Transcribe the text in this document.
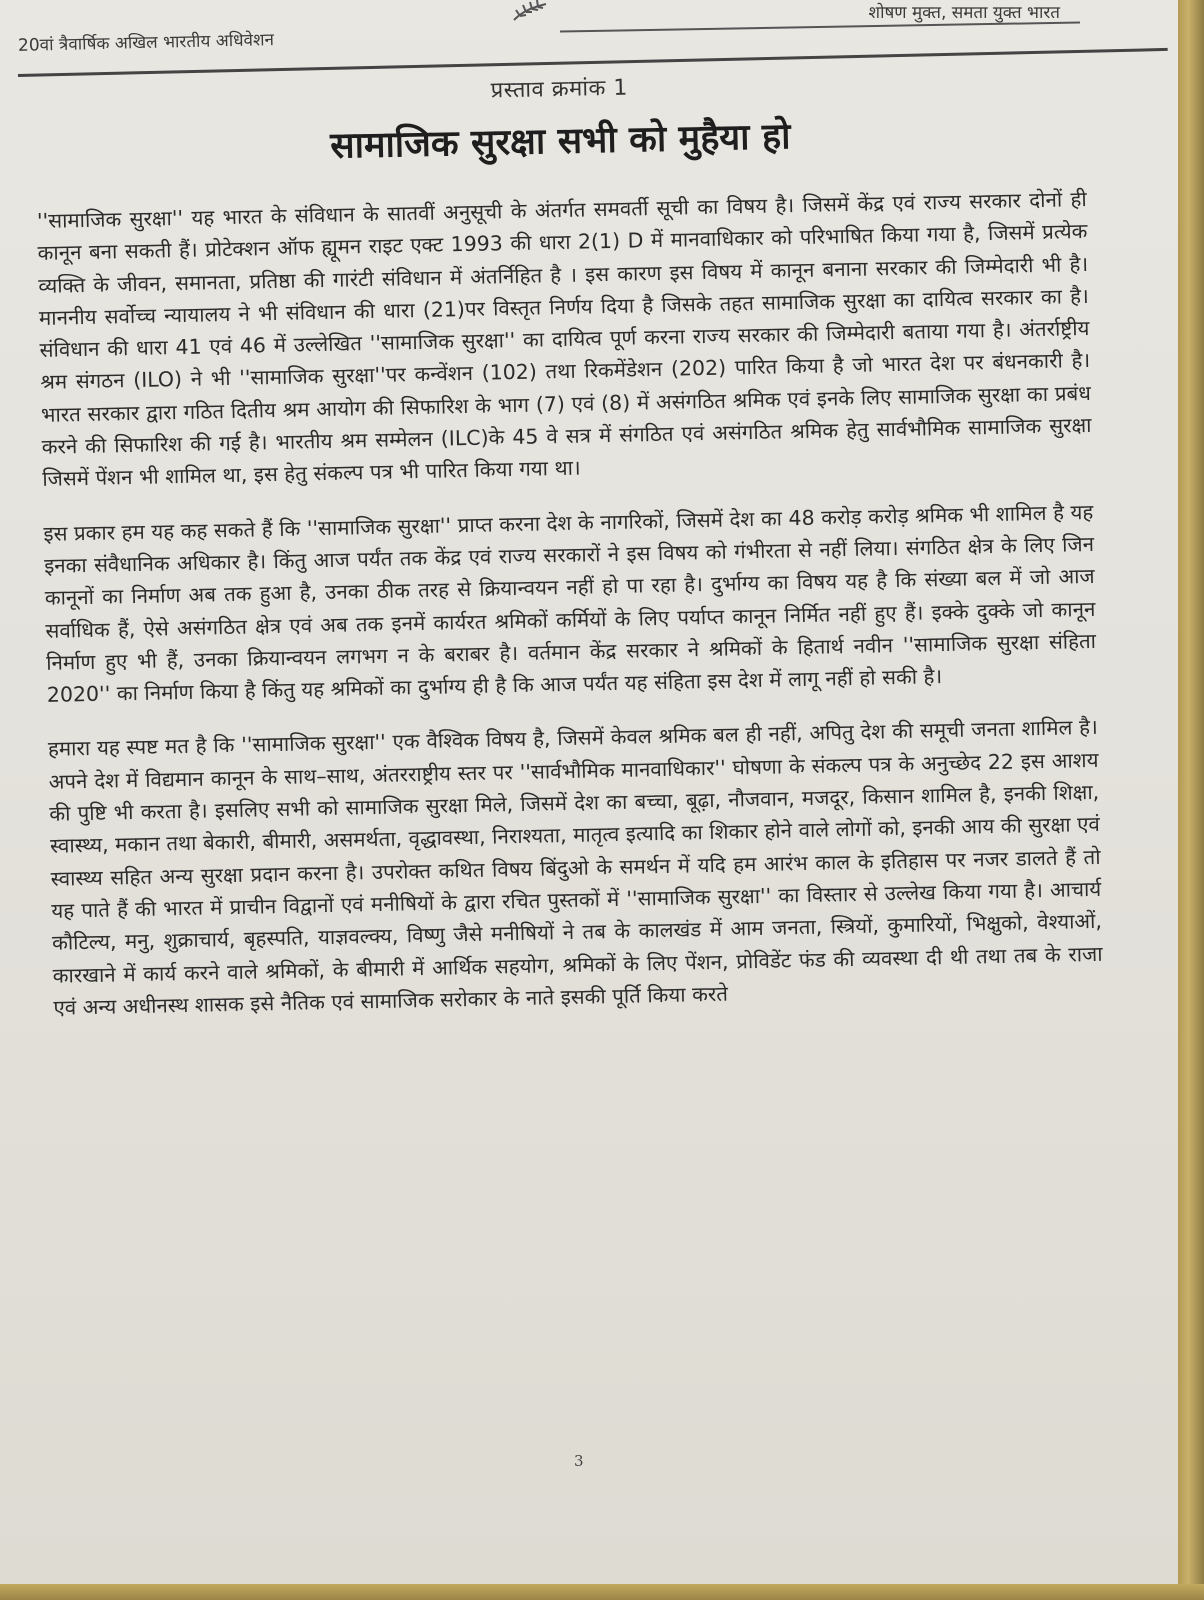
20वां त्रैवार्षिक अखिल भारतीय अधिवेशन
शोषण मुक्त, समता युक्त भारत
प्रस्ताव क्रमांक 1
सामाजिक सुरक्षा सभी को मुहैया हो

''सामाजिक सुरक्षा'' यह भारत के संविधान के सातवीं अनुसूची के अंतर्गत समवर्ती सूची का विषय है। जिसमें केंद्र एवं राज्य सरकार दोनों ही कानून बना सकती हैं। प्रोटेक्शन ऑफ ह्यूमन राइट एक्ट 1993 की धारा 2(1) D में मानवाधिकार को परिभाषित किया गया है, जिसमें प्रत्येक व्यक्ति के जीवन, समानता, प्रतिष्ठा की गारंटी संविधान में अंतर्निहित है । इस कारण इस विषय में कानून बनाना सरकार की जिम्मेदारी भी है। माननीय सर्वोच्च न्यायालय ने भी संविधान की धारा (21)पर विस्तृत निर्णय दिया है जिसके तहत सामाजिक सुरक्षा का दायित्व सरकार का है। संविधान की धारा 41 एवं 46 में उल्लेखित ''सामाजिक सुरक्षा'' का दायित्व पूर्ण करना राज्य सरकार की जिम्मेदारी बताया गया है। अंतर्राष्ट्रीय श्रम संगठन (ILO) ने भी ''सामाजिक सुरक्षा''पर कन्वेंशन (102) तथा रिकमेंडेशन (202) पारित किया है जो भारत देश पर बंधनकारी है। भारत सरकार द्वारा गठित दितीय श्रम आयोग की सिफारिश के भाग (7) एवं (8) में असंगठित श्रमिक एवं इनके लिए सामाजिक सुरक्षा का प्रबंध करने की सिफारिश की गई है। भारतीय श्रम सम्मेलन (ILC)के 45 वे सत्र में संगठित एवं असंगठित श्रमिक हेतु सार्वभौमिक सामाजिक सुरक्षा जिसमें पेंशन भी शामिल था, इस हेतु संकल्प पत्र भी पारित किया गया था।

इस प्रकार हम यह कह सकते हैं कि ''सामाजिक सुरक्षा'' प्राप्त करना देश के नागरिकों, जिसमें देश का 48 करोड़ करोड़ श्रमिक भी शामिल है यह इनका संवैधानिक अधिकार है। किंतु आज पर्यंत तक केंद्र एवं राज्य सरकारों ने इस विषय को गंभीरता से नहीं लिया। संगठित क्षेत्र के लिए जिन कानूनों का निर्माण अब तक हुआ है, उनका ठीक तरह से क्रियान्वयन नहीं हो पा रहा है। दुर्भाग्य का विषय यह है कि संख्या बल में जो आज सर्वाधिक हैं, ऐसे असंगठित क्षेत्र एवं अब तक इनमें कार्यरत श्रमिकों कर्मियों के लिए पर्याप्त कानून निर्मित नहीं हुए हैं। इक्के दुक्के जो कानून निर्माण हुए भी हैं, उनका क्रियान्वयन लगभग न के बराबर है। वर्तमान केंद्र सरकार ने श्रमिकों के हितार्थ नवीन ''सामाजिक सुरक्षा संहिता 2020'' का निर्माण किया है किंतु यह श्रमिकों का दुर्भाग्य ही है कि आज पर्यंत यह संहिता इस देश में लागू नहीं हो सकी है।

हमारा यह स्पष्ट मत है कि ''सामाजिक सुरक्षा'' एक वैश्विक विषय है, जिसमें केवल श्रमिक बल ही नहीं, अपितु देश की समूची जनता शामिल है। अपने देश में विद्यमान कानून के साथ–साथ, अंतरराष्ट्रीय स्तर पर ''सार्वभौमिक मानवाधिकार'' घोषणा के संकल्प पत्र के अनुच्छेद 22 इस आशय की पुष्टि भी करता है। इसलिए सभी को सामाजिक सुरक्षा मिले, जिसमें देश का बच्चा, बूढ़ा, नौजवान, मजदूर, किसान शामिल है, इनकी शिक्षा, स्वास्थ्य, मकान तथा बेकारी, बीमारी, असमर्थता, वृद्धावस्था, निराश्यता, मातृत्व इत्यादि का शिकार होने वाले लोगों को, इनकी आय की सुरक्षा एवं स्वास्थ्य सहित अन्य सुरक्षा प्रदान करना है। उपरोक्त कथित विषय बिंदुओ के समर्थन में यदि हम आरंभ काल के इतिहास पर नजर डालते हैं तो यह पाते हैं की भारत में प्राचीन विद्वानों एवं मनीषियों के द्वारा रचित पुस्तकों में ''सामाजिक सुरक्षा'' का विस्तार से उल्लेख किया गया है। आचार्य कौटिल्य, मनु, शुक्राचार्य, बृहस्पति, याज्ञवल्क्य, विष्णु जैसे मनीषियों ने तब के कालखंड में आम जनता, स्त्रियों, कुमारियों, भिक्षुको, वेश्याओं, कारखाने में कार्य करने वाले श्रमिकों, के बीमारी में आर्थिक सहयोग, श्रमिकों के लिए पेंशन, प्रोविडेंट फंड की व्यवस्था दी थी तथा तब के राजा एवं अन्य अधीनस्थ शासक इसे नैतिक एवं सामाजिक सरोकार के नाते इसकी पूर्ति किया करते

3
